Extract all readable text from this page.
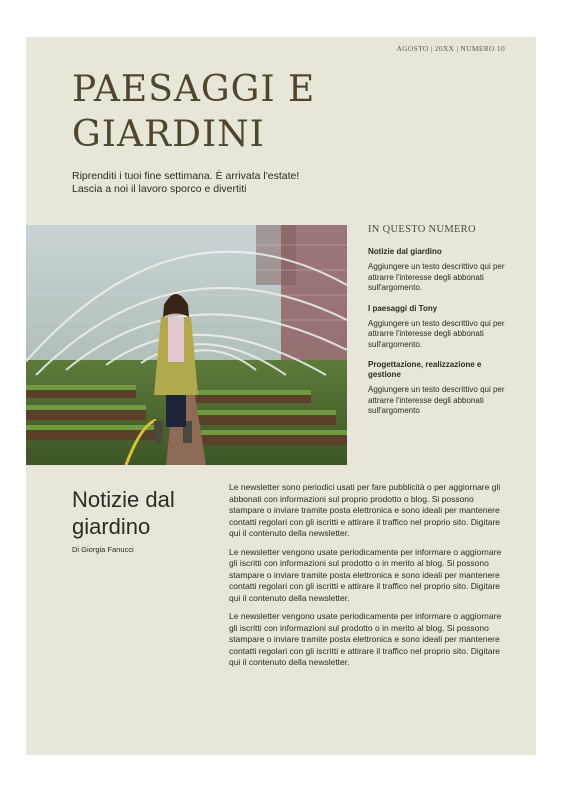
AGOSTO | 20XX | NUMERO 10
PAESAGGI E
GIARDINI
Riprenditi i tuoi fine settimana. È arrivata l'estate!
Lascia a noi il lavoro sporco e divertiti
IN QUESTO NUMERO
Notizie dal giardino
Aggiungere un testo descrittivo qui per attrarre l'interesse degli abbonati sull'argomento.
I paesaggi di Tony
Aggiungere un testo descrittivo qui per attrarre l'interesse degli abbonati sull'argomento.
Progettazione, realizzazione e gestione
Aggiungere un testo descrittivo qui per attrarre l'interesse degli abbonati sull'argomento
Notizie dal giardino
Di Giorgia Fanucci

Le newsletter sono periodici usati per fare pubblicità o per aggiornare gli abbonati con informazioni sul proprio prodotto o blog. Si possono stampare o inviare tramite posta elettronica e sono ideali per mantenere contatti regolari con gli iscritti e attirare il traffico nel proprio sito. Digitare qui il contenuto della newsletter.

Le newsletter vengono usate periodicamente per informare o aggiornare gli iscritti con informazioni sul prodotto o in merito al blog. Si possono stampare o inviare tramite posta elettronica e sono ideali per mantenere contatti regolari con gli iscritti e attirare il traffico nel proprio sito. Digitare qui il contenuto della newsletter.

Le newsletter vengono usate periodicamente per informare o aggiornare gli iscritti con informazioni sul prodotto o in merito al blog. Si possono stampare o inviare tramite posta elettronica e sono ideali per mantenere contatti regolari con gli iscritti e attirare il traffico nel proprio sito. Digitare qui il contenuto della newsletter.
